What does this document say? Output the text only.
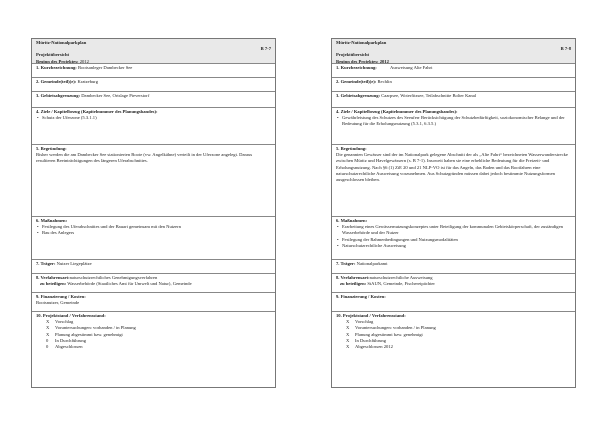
Müritz-Nationalparkplan
B 7-7
Projektübersicht
Beginn des Projektes: 2012
1. Kurzbezeichnung: Bootsanleger Dambecker See
2. Gemeinde(teil)(e): Kratzeburg
3. Gebietsabgrenzung: Dambecker See, Ortslage Pieverstorf
4. Ziele / Kapitelbezug (Kapitelnummer des Planungsbandes):
• Schutz der Uferzone (5.3.1.1)
5. Begründung:
Bisher werden die am Dambecker See stationierten Boote (vw. Angelkähne) verteilt in der Uferzone angelegt. Daraus resultieren Beeinträchtigungen des längeren Uferabschnittes.
6. Maßnahmen:
• Festlegung des Uferabschnittes und der Bauart gemeinsam mit den Nutzern
• Bau des Anlegers
7. Träger: Nutzer Liegeplätze
8. Verfahrensart:naturschutzrechtliches Genehmigungsverfahren
zu beteiligen: Wasserbehörde (Staatliches Amt für Umwelt und Natur), Gemeinde
9. Finanzierung / Kosten:
Bootsnutzer, Gemeinde
10. Projektstand / Verfahrensstand:
X Vorschlag
X Voruntersuchungen: vorhanden / in Planung
X Planung abgestimmt bzw. genehmigt
0 In Durchführung
0 Abgeschlossen
Müritz-Nationalparkplan
B 7-8
Projektübersicht
Beginn des Projektes: 2012
1. Kurzbezeichnung:	Ausweisung Alte Fahrt
2. Gemeinde(teil)(e): Rechlin
3. Gebietsabgrenzung: Caarpsee, Woterfitzsee, Teilabschnitte Bolter Kanal
4. Ziele / Kapitelbezug (Kapitelnummer des Planungsbandes):
• Gewährleistung des Schutzes des Seeuferr Berücksichtigung der Schutzbedürftigkeit, soziokonomischer Belange und der Bedeutung für die Erholungsnutzung (5.3.1, 6.3.5.)
5. Begründung:
Die genannten Gewässer sind der im Nationalpark gelegene Abschnitt der als „Alte Fahrt“ bezeichneten Wasserwanderstrecke zwischen Müritz und Havelgewässern (s. B 7-1). Insoweit haben sie eine erhebliche Bedeutung für die Freizeit- und Erholungsnutzung. Nach §6 (1) ZiE 20 und 21 NLP-VO ist für das Angeln, das Baden und das Bootfahren eine naturschutzrechtliche Ausweisung vorzunehmen. Aus Schutzgründen müssen dabei jedoch bestimmte Nutzungsformen ausgeschlossen bleiben.
6. Maßnahmen:
• Erarbeitung eines Gewässernutzungskonzeptes unter Beteiligung der kommunalen Gebietskörperschaft, der zuständigen Wasserbehörde und der Nutzer
• Festlegung der Rahmenbedingungen und Nutzungsmodalitäten
• Naturschutzrechtliche Ausweisung
7. Träger: Nationalparkamt
8. Verfahrensart:naturschutzrechtliche Ausweisung
zu beteiligen: StAUN, Gemeinde, Fischereipächter
9. Finanzierung / Kosten:
10. Projektstand / Verfahrensstand:
X Vorschlag
X Voruntersuchungen: vorhanden / in Planung
X Planung abgestimmt bzw. genehmigt
X In Durchführung
X Abgeschlossen 2012
